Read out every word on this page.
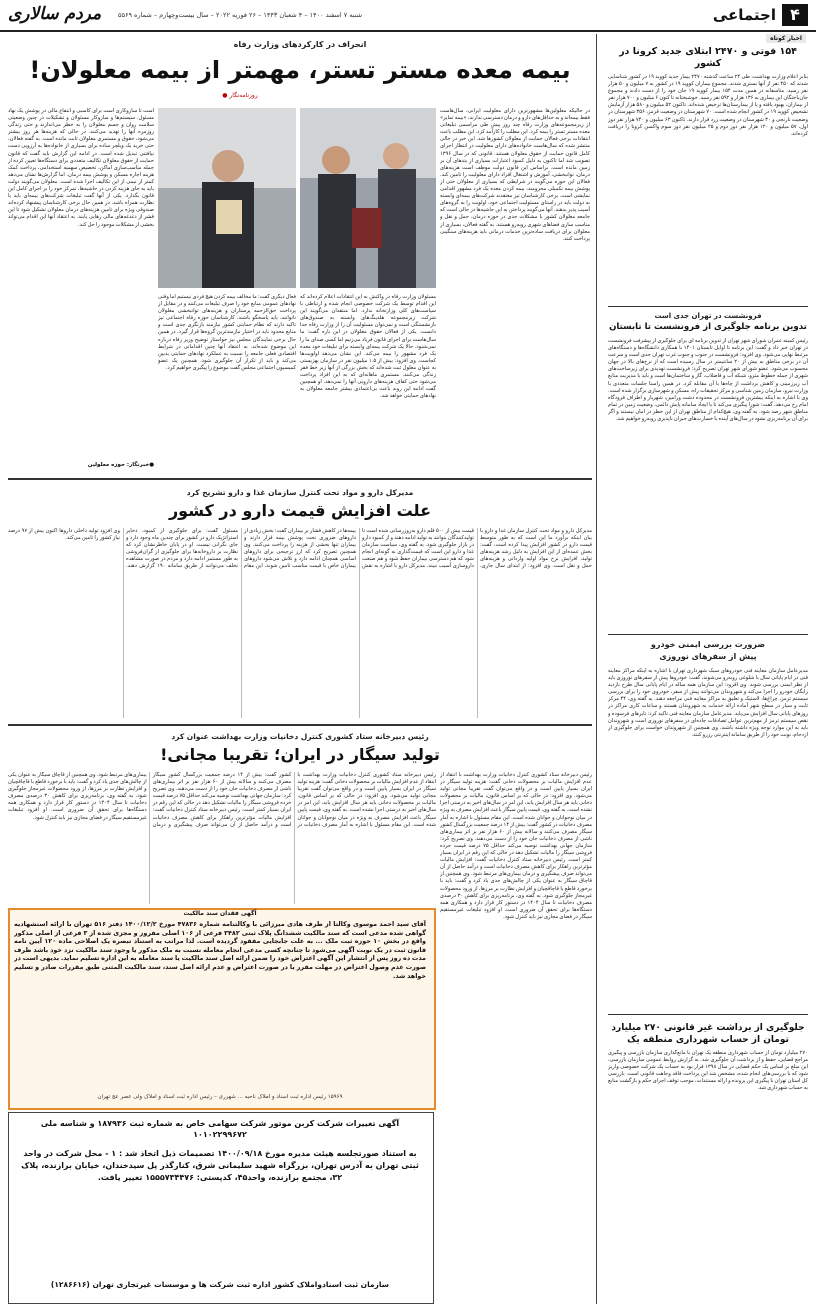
۴
اجتماعی
شنبه ۷ اسفند ۱۴۰۰ – ۴ شعبان ۱۴۴۳ – ۲۶ فوریه ۲۰۲۲ – سال بیست‌وچهارم – شماره ۵۵۶۹
مردم سالاری
اخبار کوتاه
۱۵۴ فوتی و ۲۴۷۰ ابتلای جدید کرونا در کشور
بنابر اعلام وزارت بهداشت، طی ۲۴ ساعت گذشته ۲۴۷۰ بیمار جدید کووید ۱۹ در کشور شناسایی شدند که ۴۵۰ نفر از آنها بستری شدند. مجموع بیماران کووید ۱۹ در کشور به ۷ میلیون و ۵۰ هزار نفر رسید. متاسفانه در همین مدت ۱۵۴ بیمار کووید ۱۹ جان خود را از دست دادند و مجموع جان‌باختگان این بیماری به ۱۳۶ هزار و ۵۹۲ نفر رسید. خوشبختانه تا کنون ۶ میلیون و ۷۰۰ هزار نفر از بیماران، بهبود یافته و یا از بیمارستان‌ها ترخیص شده‌اند. تاکنون ۵۲ میلیون و ۵۸۰ هزار آزمایش تشخیص کووید ۱۹ در کشور انجام شده است. ۷۰ شهرستان در وضعیت قرمز، ۳۵۶ شهرستان در وضعیت نارنجی و ۳۰ شهرستان در وضعیت زرد قرار دارند. تاکنون ۶۳ میلیون و ۷۴۰ هزار نفر دوز اول، ۵۷ میلیون و ۱۲۰ هزار نفر دوز دوم و ۲۵ میلیون نفر دوز سوم واکسن کرونا را دریافت کرده‌اند.
فرونشست در تهران جدی است
تدوین برنامه جلوگیری از فرونشست تا تابستان
رئیس کمیته عمران شورای شهر تهران از تدوین برنامه ای برای جلوگیری از پیشرفت فرونشست در تهران خبر داد و گفت: این برنامه تا اوایل تابستان ۱۴۰۱ با همکاری دانشگاه‌ها و دستگاه‌های مرتبط نهایی می‌شود. وی افزود: فرونشست در جنوب و جنوب غرب تهران جدی است و سرعت آن در برخی مناطق به بیش از ۲۰ سانتیمتر در سال رسیده است که از نرخ‌های بالا در جهان محسوب می‌شود. عضو شورای شهر تهران تصریح کرد: فرونشست تهدیدی برای زیرساخت‌های شهری از جمله خطوط مترو، شبکه آب و فاضلاب، گاز و ساختمان‌ها است و باید با مدیریت منابع آب زیرزمینی و کاهش برداشت از چاه‌ها با آن مقابله کرد. در همین راستا جلسات متعددی با وزارت نیرو، سازمان زمین شناسی و مرکز تحقیقات راه، مسکن و شهرسازی برگزار شده است. وی با اشاره به اینکه بیشترین فرونشست در محدوده دشت ورامین، شهریار و اطراف فرودگاه امام رخ می‌دهد، گفت: شورا پیگیری می‌کند تا با ایجاد سامانه پایش دائمی، وضعیت زمین در تمام مناطق شهر رصد شود. به گفته وی، هیچ‌کدام از مناطق تهران از این خطر در امان نیستند و اگر برای آن برنامه‌ریزی نشود در سال‌های آینده با خسارت‌های جبران ناپذیری روبه‌رو خواهیم شد.
ضرورت بررسی ایمنی خودرو
پیش از سفرهای نوروزی
مدیرعامل سازمان معاینه فنی خودروهای سبک شهرداری تهران با اشاره به اینکه مراکز معاینه فنی در ایام پایانی سال با شلوغی روبه‌رو می‌شوند، گفت: خودروها پیش از سفرهای نوروزی باید از نظر ایمنی بررسی شوند. وی افزود: این سازمان همه ساله در ایام پایانی سال طرح بازدید رایگان خودرو را اجرا می‌کند و شهروندان می‌توانند پیش از سفر، خودروی خود را برای بررسی سیستم ترمز، چراغ‌ها، لاستیک و تعلیق به مراکز معاینه فنی مراجعه دهند. به گفته وی، ۴۴ مرکز ثابت و سیار در سطح شهر آماده ارائه خدمات به شهروندان هستند و ساعات کاری مراکز در روزهای پایانی سال افزایش می‌یابد. مدیرعامل سازمان معاینه فنی تاکید کرد: تایرهای فرسوده و نقص سیستم ترمز از مهم‌ترین عوامل تصادفات جاده‌ای در سفرهای نوروزی است و شهروندان باید به این موارد توجه ویژه داشته باشند. وی همچنین از شهروندان خواست برای جلوگیری از ازدحام، نوبت خود را از طریق سامانه اینترنتی رزرو کنند.
جلوگیری از برداشت غیر قانونی ۲۷۰ میلیارد تومان از حساب شهرداری منطقه یک
۲۷۰ میلیارد تومان از حساب شهرداری منطقه یک تهران با مانع‌گذاری سازمان بازرسی و پیگیری مراجع قضایی، حفظ و از برداشت آن جلوگیری شد. به گزارش روابط عمومی سازمان بازرسی، این مبلغ بر اساس یک حکم قضایی در سال ۱۳۹۸ قرار بود به حساب یک شرکت خصوصی واریز شود که با بررسی‌های انجام شده، مشخص شد این پرداخت فاقد وجاهت قانونی است. بازرسی کل استان تهران با پیگیری این پرونده و ارائه مستندات، موجب توقف اجرای حکم و بازگشت منابع به حساب شهرداری شد.
انحراف در کارکردهای وزارت رفاه
بیمه معده مستر تستر، مهمتر از بیمه معلولان!
روزنامه‌نگار ●
در حالیکه معلولین‌ها مشهورترین دارای معلولیت ایرانی، سال‌هاست فقط بیمه‌اند و به حداقل‌های دارو و درمان دسترسی ندارند، «بیمه تمایز» از زیرمجموعه‌های وزارت رفاه چند روز پیش طی مراسمی تبلیغاتی معده مستر تستر را بیمه کرد. این مطلب را کارآمد کرد. این مطلب باعث انتقادات برخی فعالان حمایت از معلولان کشورها شد. این خبر در حالی منتشر شده که سال‌هاست خانواده‌های دارای معلولیت در انتظار اجرای کامل قانون حمایت از حقوق معلولان هستند. قانونی که در سال ۱۳۹۶ تصویب شد اما تاکنون به دلیل کمبود اعتبارات بسیاری از بندهای آن بر زمین مانده است. براساس این قانون دولت موظف است هزینه‌های درمان، توانبخشی، آموزش و اشتغال افراد دارای معلولیت را تامین کند. فعالان این حوزه می‌گویند در شرایطی که بسیاری از معلولان حتی از پوشش بیمه تکمیلی محرومند، بیمه کردن معده یک فرد مشهور اقدامی نمایشی است. برخی کارشناسان نیز معتقدند شرکت‌های بیمه‌ای وابسته به دولت باید در راستای مسئولیت اجتماعی خود، اولویت را به گروه‌های آسیب پذیر بدهند. آنها می‌گویند پرداختن به این حاشیه‌ها در حالی است که جامعه معلولان کشور با مشکلات جدی در حوزه درمان، حمل و نقل و مناسب سازی فضاهای شهری روبه‌رو هستند. به گفته فعالان، بسیاری از معلولان برای دریافت ساده‌ترین خدمات درمانی باید هزینه‌های سنگینی پرداخت کنند.
مسئولان وزارت رفاه در واکنش به این انتقادات اعلام کرده‌اند که این اقدام توسط یک شرکت خصوصی انجام شده و ارتباطی با سیاست‌های کلی وزارتخانه ندارد. اما منتقدان می‌گویند این شرکت زیرمجموعه هلدینگ‌های وابسته به صندوق‌های بازنشستگی است و نمی‌توان مسئولیت آن را از وزارت رفاه جدا دانست. یکی از فعالان حقوق معلولان در این باره گفت: ما سال‌هاست برای اجرای قانون فریاد می‌زنیم اما کسی صدای ما را نمی‌شنود. حالا یک شرکت بیمه‌ای وابسته برای تبلیغات خود معده یک فرد مشهور را بیمه می‌کند. این نشان می‌دهد اولویت‌ها کجاست. وی افزود: بیش از ۱.۵ میلیون نفر در سازمان بهزیستی به عنوان معلول ثبت شده‌اند که بخش بزرگی از آنها زیر خط فقر زندگی می‌کنند. مستمری ماهانه‌ای که به این افراد پرداخت می‌شود حتی کفاف هزینه‌های دارویی آنها را نمی‌دهد. او همچنین گفت ادامه این روند باعث بی‌اعتمادی بیشتر جامعه معلولان به نهادهای حمایتی خواهد شد.
فعال دیگری گفت: ما مخالف بیمه کردن هیچ فردی نیستیم اما وقتی نهادهای عمومی منابع خود را صرف تبلیغات می‌کنند و در مقابل از پرداخت حق‌الزحمه پرستاران و هزینه‌های توانبخشی معلولان ناتوانند، باید پاسخگو باشند. کارشناسان حوزه رفاه اجتماعی نیز تاکید دارند که نظام حمایتی کشور نیازمند بازنگری جدی است و منابع محدود باید در اختیار نیازمندترین گروه‌ها قرار گیرد. در همین حال برخی نمایندگان مجلس نیز خواستار توضیح وزیر رفاه درباره این موضوع شده‌اند. به اعتقاد آنها چنین اقداماتی در شرایط اقتصادی فعلی جامعه را نسبت به عملکرد نهادهای حمایتی بدبین می‌کند و باید از تکرار آن جلوگیری شود. همچنین یک عضو کمیسیون اجتماعی مجلس گفت موضوع را پیگیری خواهیم کرد.
است تا سازوکاری است برای کاسبی و انتفاع مالی در پوشش یک نهاد مسئول. سیستم‌ها و سازوکار مسئولان و تشکیلات در چنین وضعیتی سلامت روان و جسم معلولان را به خطر می‌اندازند و حتی زندگی روزمره آنها را تهدید می‌کنند. در حالی که هزینه‌ها هر روز بیشتر می‌شود، حقوق و مستمری معلولان ثابت مانده است. به گفته فعالان، حتی خرید یک ویلچر ساده برای بسیاری از خانواده‌ها به آرزویی دست نیافتنی تبدیل شده است. در ادامه این گزارش باید گفت که قانون حمایت از حقوق معلولان تکالیف متعددی برای دستگاه‌ها تعیین کرده از جمله مناسب‌سازی اماکن، تخصیص سهمیه استخدامی، پرداخت کمک هزینه اجاره مسکن و پوشش بیمه درمان. اما گزارش‌ها نشان می‌دهد کمتر از نیمی از این تکالیف اجرا شده است. معلولان می‌گویند دولت باید به جای هزینه کردن در حاشیه‌ها، تمرکز خود را بر اجرای کامل این قانون بگذارد. یکی از آنها گفت تبلیغات شرکت‌های بیمه‌ای باید با نظارت همراه باشد. در همین حال برخی کارشناسان پیشنهاد کرده‌اند صندوقی ویژه برای تامین هزینه‌های درمان معلولان تشکیل شود تا این قشر از دغدغه‌های مالی رهایی یابند. به اعتقاد آنها این اقدام می‌تواند بخشی از مشکلات موجود را حل کند.
●خبرنگار: حوزه معلولین
مدیرکل دارو و مواد تحت کنترل سازمان غذا و دارو تشریح کرد
علت افزایش قیمت دارو در کشور
مدیرکل دارو و مواد تحت کنترل سازمان غذا و دارو با بیان اینکه برآورد ما این است که به طور متوسط قیمت دارو در کشور افزایش پیدا کرده است، گفت: بخش عمده‌ای از این افزایش به دلیل رشد هزینه‌های تولید، افزایش نرخ مواد اولیه وارداتی و هزینه‌های حمل و نقل است. وی افزود: از ابتدای سال جاری، قیمت بیش از ۵۰۰ قلم دارو به‌روزرسانی شده است تا تولیدکنندگان بتوانند به تولید ادامه دهند و از کمبود دارو در بازار جلوگیری شود. به گفته وی، سیاست سازمان غذا و دارو این است که قیمت‌گذاری به گونه‌ای انجام شود که هم دسترسی بیماران حفظ شود و هم صنعت داروسازی آسیب نبیند. مدیرکل دارو با اشاره به نقش بیمه‌ها در کاهش فشار بر بیماران گفت: بخش زیادی از داروهای ضروری تحت پوشش بیمه قرار دارند و بیماران تنها بخشی از هزینه را پرداخت می‌کنند. وی همچنین تصریح کرد که ارز ترجیحی برای داروهای اساسی همچنان ادامه دارد و تلاش می‌شود داروهای بیماران خاص با قیمت مناسب تامین شوند. این مقام مسئول گفت: برای جلوگیری از کمبود، ذخایر استراتژیک دارو در کشور برای چندین ماه وجود دارد و جای نگرانی نیست. او در پایان خاطرنشان کرد که نظارت بر داروخانه‌ها برای جلوگیری از گران‌فروشی به طور مستمر ادامه دارد و مردم در صورت مشاهده تخلف می‌توانند از طریق سامانه ۱۹۰ گزارش دهند. وی افزود تولید داخلی داروها اکنون بیش از ۹۷ درصد نیاز کشور را تامین می‌کند.
رئیس دبیرخانه ستاد کشوری کنترل دخانیات وزارت بهداشت عنوان کرد
تولید سیگار در ایران؛ تقریبا مجانی!
رئیس دبیرخانه ستاد کشوری کنترل دخانیات وزارت بهداشت با انتقاد از عدم افزایش مالیات بر محصولات دخانی گفت: هزینه تولید سیگار در ایران بسیار پایین است و در واقع می‌توان گفت تقریبا مجانی تولید می‌شود. وی افزود: در حالی که بر اساس قانون، مالیات بر محصولات دخانی باید هر سال افزایش یابد، این امر در سال‌های اخیر به درستی اجرا نشده است. به گفته وی، قیمت پایین سیگار باعث افزایش مصرف به ویژه در میان نوجوانان و جوانان شده است. این مقام مسئول با اشاره به آمار مصرف دخانیات در کشور گفت: بیش از ۱۴ درصد جمعیت بزرگسال کشور سیگار مصرف می‌کنند و سالانه بیش از ۶۰ هزار نفر بر اثر بیماری‌های ناشی از مصرف دخانیات جان خود را از دست می‌دهند. وی تصریح کرد: سازمان جهانی بهداشت توصیه می‌کند حداقل ۷۵ درصد قیمت خرده فروشی سیگار را مالیات تشکیل دهد در حالی که این رقم در ایران بسیار کمتر است. رئیس دبیرخانه ستاد کنترل دخانیات گفت: افزایش مالیات مؤثرترین راهکار برای کاهش مصرف دخانیات است و درآمد حاصل از آن می‌تواند صرف پیشگیری و درمان بیماری‌های مرتبط شود. وی همچنین از قاچاق سیگار به عنوان یکی از چالش‌های جدی یاد کرد و گفت: باید با برخورد قاطع با قاچاقچیان و افزایش نظارت بر مرزها، از ورود محصولات غیرمجاز جلوگیری شود. به گفته وی، برنامه‌ریزی برای کاهش ۳۰ درصدی مصرف دخانیات تا سال ۱۴۰۴ در دستور کار قرار دارد و همکاری همه دستگاه‌ها برای تحقق آن ضروری است. او افزود تبلیغات غیرمستقیم سیگار در فضای مجازی نیز باید کنترل شود.
رئیس دبیرخانه ستاد کشوری کنترل دخانیات وزارت بهداشت با انتقاد از عدم افزایش مالیات بر محصولات دخانی گفت: هزینه تولید سیگار در ایران بسیار پایین است و در واقع می‌توان گفت تقریبا مجانی تولید می‌شود. وی افزود: در حالی که بر اساس قانون، مالیات بر محصولات دخانی باید هر سال افزایش یابد، این امر در سال‌های اخیر به درستی اجرا نشده است. به گفته وی، قیمت پایین سیگار باعث افزایش مصرف به ویژه در میان نوجوانان و جوانان شده است. این مقام مسئول با اشاره به آمار مصرف دخانیات در کشور گفت: بیش از ۱۴ درصد جمعیت بزرگسال کشور سیگار مصرف می‌کنند و سالانه بیش از ۶۰ هزار نفر بر اثر بیماری‌های ناشی از مصرف دخانیات جان خود را از دست می‌دهند. وی تصریح کرد: سازمان جهانی بهداشت توصیه می‌کند حداقل ۷۵ درصد قیمت خرده فروشی سیگار را مالیات تشکیل دهد در حالی که این رقم در ایران بسیار کمتر است. رئیس دبیرخانه ستاد کنترل دخانیات گفت: افزایش مالیات مؤثرترین راهکار برای کاهش مصرف دخانیات است و درآمد حاصل از آن می‌تواند صرف پیشگیری و درمان بیماری‌های مرتبط شود. وی همچنین از قاچاق سیگار به عنوان یکی از چالش‌های جدی یاد کرد و گفت: باید با برخورد قاطع با قاچاقچیان و افزایش نظارت بر مرزها، از ورود محصولات غیرمجاز جلوگیری شود. به گفته وی، برنامه‌ریزی برای کاهش ۳۰ درصدی مصرف دخانیات تا سال ۱۴۰۴ در دستور کار قرار دارد و همکاری همه دستگاه‌ها برای تحقق آن ضروری است. او افزود تبلیغات غیرمستقیم سیگار در فضای مجازی نیز باید کنترل شود.
آگهی فقدان سند مالکیت
آقای سید احمد موسوی وکالتا از طرف هادی میرزائی با وکالتنامه شماره ۴۷۸۳۶ مورخ ۱۴۰۰/۱۲/۲ دفتر ۵۱۶ تهران با ارائه استشهادیه گواهی شده مدعی است که سند مالکیت ششدانگ پلاک ثبتی ۳۴۸۲ فرعی از ۱۰۶ اصلی مفروز و مجزی شده از ۳ فرعی از اصلی مذکور واقع در بخش ۱۰ حوزه ثبت ملک ... به علت جابجایی مفقود گردیده است. لذا مراتب به استناد تبصره یک اصلاحی ماده ۱۲۰ آیین نامه قانون ثبت در یک نوبت آگهی می‌شود تا چنانچه کسی مدعی انجام معامله نسبت به ملک مذکور یا وجود سند مالکیت نزد خود باشد ظرف مدت ده روز پس از انتشار این آگهی اعتراض خود را ضمن ارائه اصل سند مالکیت یا سند معامله به این اداره تسلیم نماید. بدیهی است در صورت عدم وصول اعتراض در مهلت مقرر یا در صورت اعتراض و عدم ارائه اصل سند، سند مالکیت المثنی طبق مقررات صادر و تسلیم خواهد شد.
۱۵۹۶۹ رئیس اداره ثبت اسناد و املاک ناحیه ... شهرری – رئیس اداره ثبت اسناد و املاک ولی عصر عج تهران
آگهی تغییرات شرکت کربن موتور شرکت سهامی خاص به شماره ثبت ۱۸۷۹۳۶ و شناسه ملی ۱۰۱۰۲۲۹۹۶۷۲
به استناد صورتجلسه هیئت مدیره مورخ ۱۴۰۰/۰۹/۱۸ تصمیمات ذیل اتخاذ شد : ۱ - محل شرکت در واحد ثبتی تهران به آدرس تهران، بزرگراه شهید سلیمانی شرق، کنارگذر پل سیدخندان، خیابان برازنده، پلاک ۳۲، مجتمع برازنده، واحد۴۵، کدپستی: ۱۵۵۵۷۳۴۴۷۶ تغییر یافت.
سازمان ثبت اسنادواملاک کشور اداره ثبت شرکت ها و موسسات غیرتجاری تهران (۱۲۸۶۶۱۶)
